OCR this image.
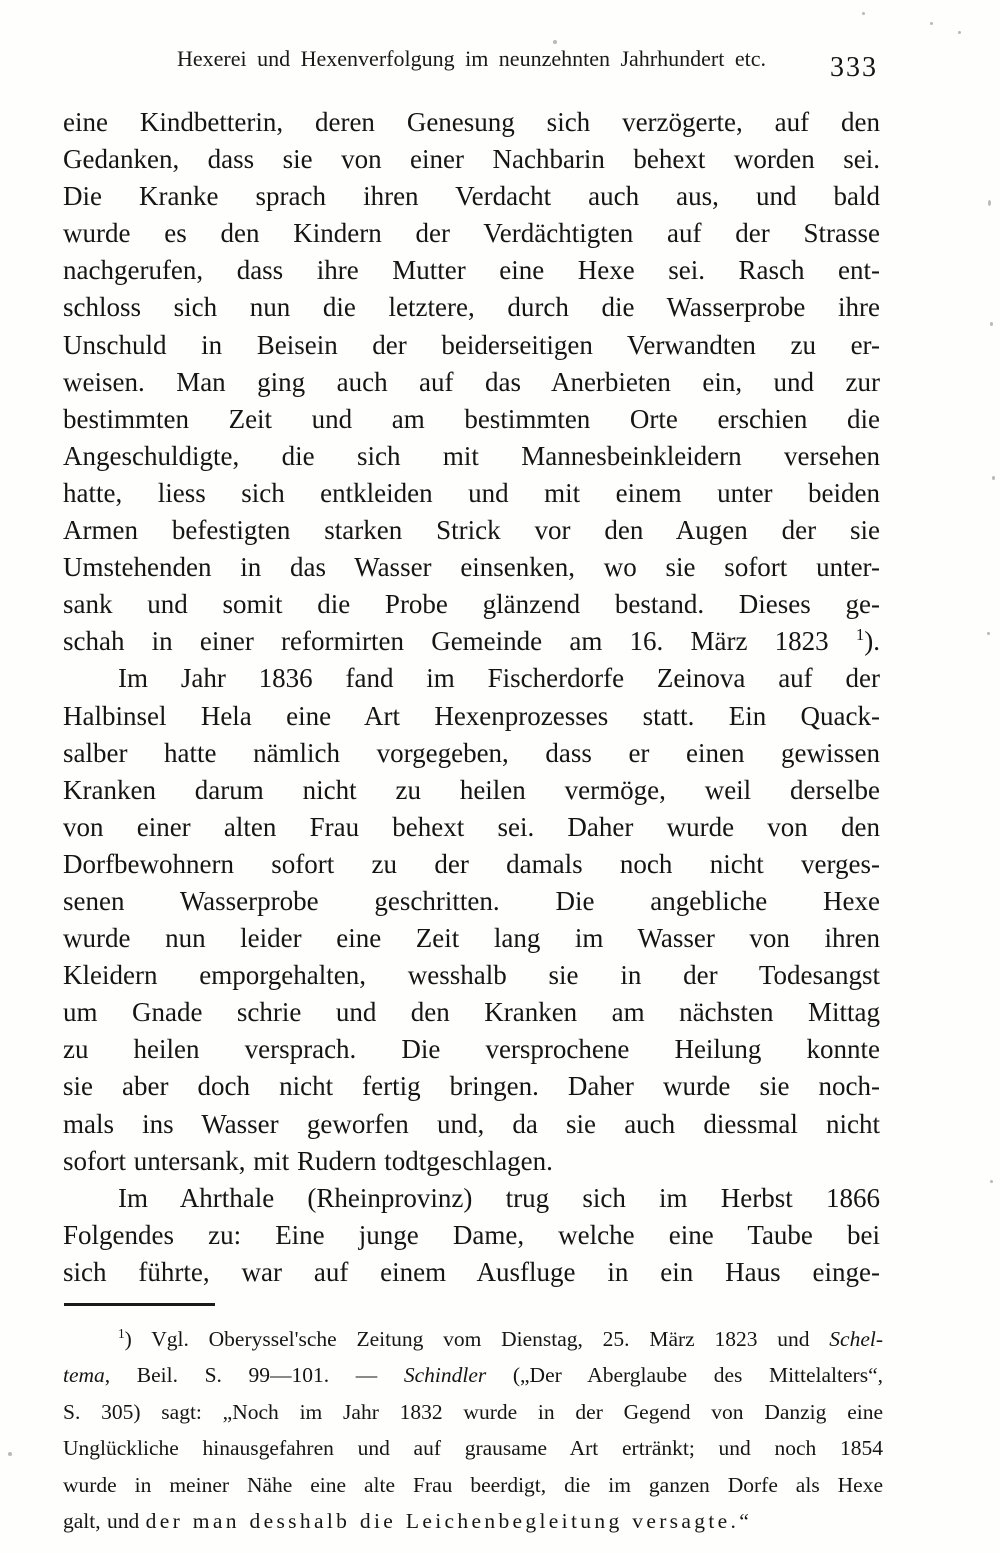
Hexerei und Hexenverfolgung im neunzehnten Jahrhundert etc.	333
eine Kindbetterin, deren Genesung sich verzögerte, auf den
Gedanken, dass sie von einer Nachbarin behext worden sei.
Die Kranke sprach ihren Verdacht auch aus, und bald
wurde es den Kindern der Verdächtigten auf der Strasse
nachgerufen, dass ihre Mutter eine Hexe sei. Rasch ent-
schloss sich nun die letztere, durch die Wasserprobe ihre
Unschuld in Beisein der beiderseitigen Verwandten zu er-
weisen. Man ging auch auf das Anerbieten ein, und zur
bestimmten Zeit und am bestimmten Orte erschien die
Angeschuldigte, die sich mit Mannesbeinkleidern versehen
hatte, liess sich entkleiden und mit einem unter beiden
Armen befestigten starken Strick vor den Augen der sie
Umstehenden in das Wasser einsenken, wo sie sofort unter-
sank und somit die Probe glänzend bestand. Dieses ge-
schah in einer reformirten Gemeinde am 16. März 1823 $^1$).
Im Jahr 1836 fand im Fischerdorfe Zeinova auf der
Halbinsel Hela eine Art Hexenprozesses statt. Ein Quack-
salber hatte nämlich vorgegeben, dass er einen gewissen
Kranken darum nicht zu heilen vermöge, weil derselbe
von einer alten Frau behext sei. Daher wurde von den
Dorfbewohnern sofort zu der damals noch nicht verges-
senen Wasserprobe geschritten. Die angebliche Hexe
wurde nun leider eine Zeit lang im Wasser von ihren
Kleidern emporgehalten, wesshalb sie in der Todesangst
um Gnade schrie und den Kranken am nächsten Mittag
zu heilen versprach. Die versprochene Heilung konnte
sie aber doch nicht fertig bringen. Daher wurde sie noch-
mals ins Wasser geworfen und, da sie auch diessmal nicht
sofort untersank, mit Rudern todtgeschlagen.
Im Ahrthale (Rheinprovinz) trug sich im Herbst 1866
Folgendes zu: Eine junge Dame, welche eine Taube bei
sich führte, war auf einem Ausfluge in ein Haus einge-
$^1$) Vgl. Oberyssel'sche Zeitung vom Dienstag, 25. März 1823 und Schel-
tema, Beil. S. 99—101. — Schindler („Der Aberglaube des Mittelalters“,
S. 305) sagt: „Noch im Jahr 1832 wurde in der Gegend von Danzig eine
Unglückliche hinausgefahren und auf grausame Art ertränkt; und noch 1854
wurde in meiner Nähe eine alte Frau beerdigt, die im ganzen Dorfe als Hexe
galt, und der man desshalb die Leichenbegleitung versagte.“
